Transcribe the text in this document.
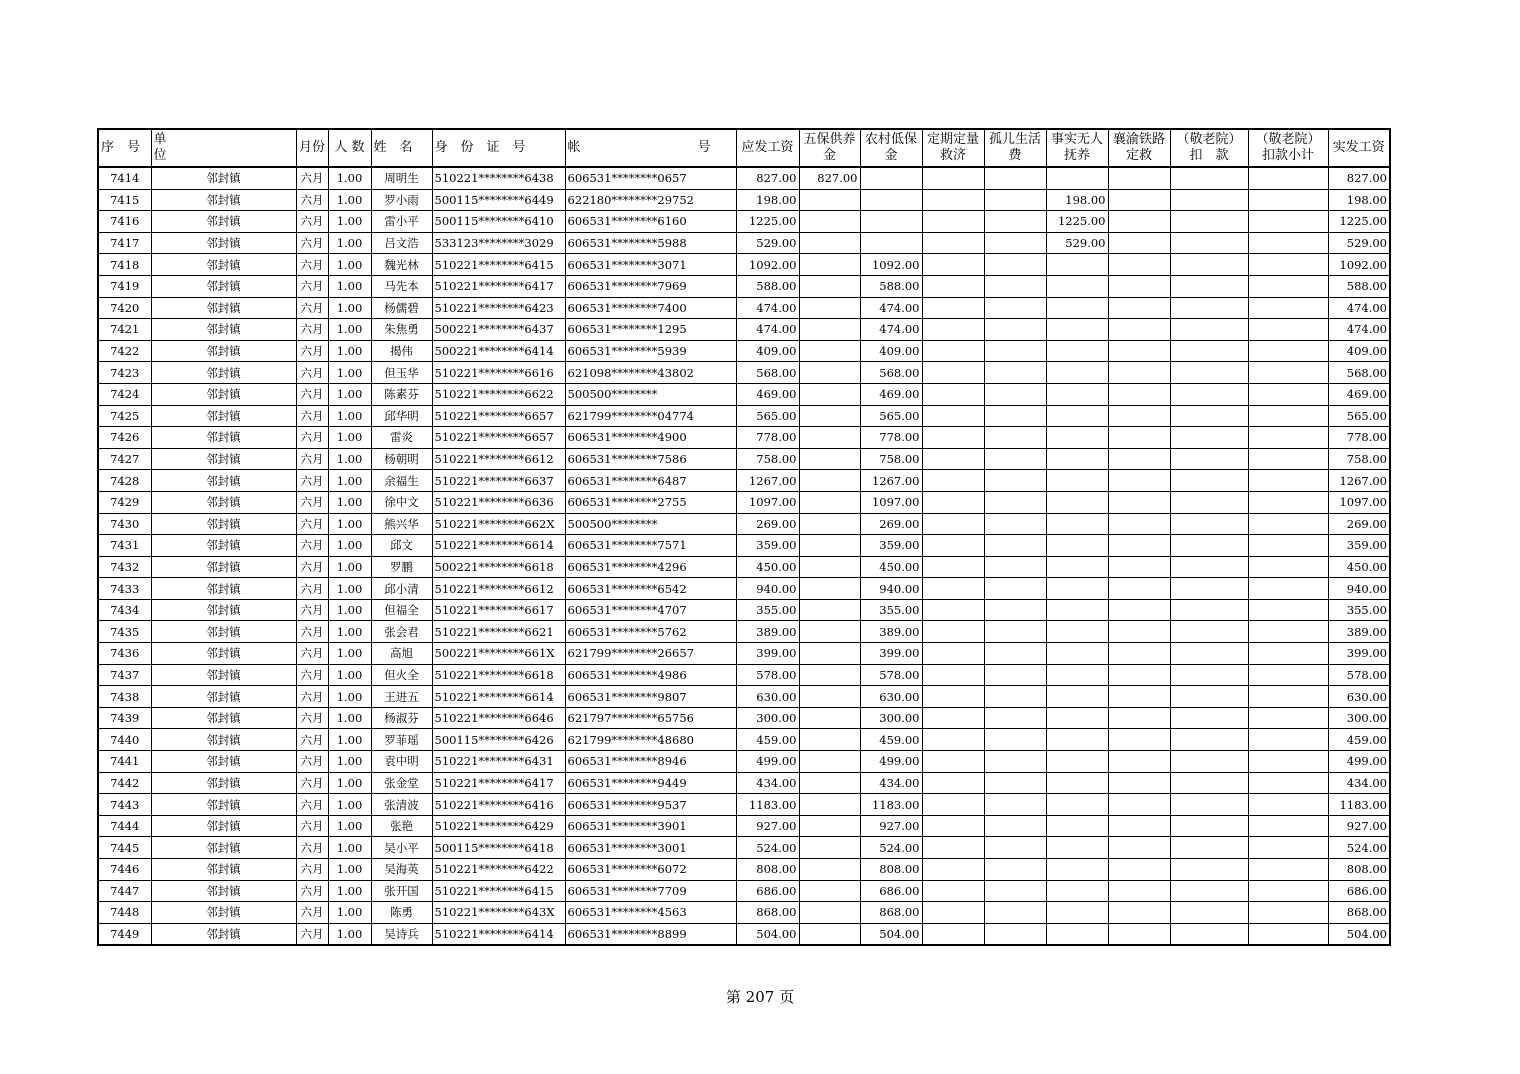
序　号	单　　　　　　　　　位	月份	人 数	姓　名	身　份　证　号	帐　　　　　　　　　号	应发工资	五保供养金	农村低保金	定期定量救济	孤儿生活费	事实无人抚养	襄渝铁路定救	（敬老院）扣　款	（敬老院）扣款小计	实发工资
7414	邻封镇	六月	1.00	周明生	510221********6438	606531********0657	827.00	827.00								827.00
7415	邻封镇	六月	1.00	罗小雨	500115********6449	622180********29752	198.00					198.00				198.00
7416	邻封镇	六月	1.00	雷小平	500115********6410	606531********6160	1225.00					1225.00				1225.00
7417	邻封镇	六月	1.00	吕文浩	533123********3029	606531********5988	529.00					529.00				529.00
7418	邻封镇	六月	1.00	魏光林	510221********6415	606531********3071	1092.00		1092.00							1092.00
7419	邻封镇	六月	1.00	马先本	510221********6417	606531********7969	588.00		588.00							588.00
7420	邻封镇	六月	1.00	杨儒碧	510221********6423	606531********7400	474.00		474.00							474.00
7421	邻封镇	六月	1.00	朱焦勇	500221********6437	606531********1295	474.00		474.00							474.00
7422	邻封镇	六月	1.00	揭伟	500221********6414	606531********5939	409.00		409.00							409.00
7423	邻封镇	六月	1.00	但玉华	510221********6616	621098********43802	568.00		568.00							568.00
7424	邻封镇	六月	1.00	陈素芬	510221********6622	500500********	469.00		469.00							469.00
7425	邻封镇	六月	1.00	邱华明	510221********6657	621799********04774	565.00		565.00							565.00
7426	邻封镇	六月	1.00	雷炎	510221********6657	606531********4900	778.00		778.00							778.00
7427	邻封镇	六月	1.00	杨朝明	510221********6612	606531********7586	758.00		758.00							758.00
7428	邻封镇	六月	1.00	余福生	510221********6637	606531********6487	1267.00		1267.00							1267.00
7429	邻封镇	六月	1.00	徐中文	510221********6636	606531********2755	1097.00		1097.00							1097.00
7430	邻封镇	六月	1.00	熊兴华	510221********662X	500500********	269.00		269.00							269.00
7431	邻封镇	六月	1.00	邱文	510221********6614	606531********7571	359.00		359.00							359.00
7432	邻封镇	六月	1.00	罗鹏	500221********6618	606531********4296	450.00		450.00							450.00
7433	邻封镇	六月	1.00	邱小清	510221********6612	606531********6542	940.00		940.00							940.00
7434	邻封镇	六月	1.00	但福全	510221********6617	606531********4707	355.00		355.00							355.00
7435	邻封镇	六月	1.00	张会君	510221********6621	606531********5762	389.00		389.00							389.00
7436	邻封镇	六月	1.00	高旭	500221********661X	621799********26657	399.00		399.00							399.00
7437	邻封镇	六月	1.00	但火全	510221********6618	606531********4986	578.00		578.00							578.00
7438	邻封镇	六月	1.00	王进五	510221********6614	606531********9807	630.00		630.00							630.00
7439	邻封镇	六月	1.00	杨淑芬	510221********6646	621797********65756	300.00		300.00							300.00
7440	邻封镇	六月	1.00	罗菲瑶	500115********6426	621799********48680	459.00		459.00							459.00
7441	邻封镇	六月	1.00	袁中明	510221********6431	606531********8946	499.00		499.00							499.00
7442	邻封镇	六月	1.00	张金堂	510221********6417	606531********9449	434.00		434.00							434.00
7443	邻封镇	六月	1.00	张清波	510221********6416	606531********9537	1183.00		1183.00							1183.00
7444	邻封镇	六月	1.00	张艳	510221********6429	606531********3901	927.00		927.00							927.00
7445	邻封镇	六月	1.00	吴小平	500115********6418	606531********3001	524.00		524.00							524.00
7446	邻封镇	六月	1.00	吴海英	510221********6422	606531********6072	808.00		808.00							808.00
7447	邻封镇	六月	1.00	张开国	510221********6415	606531********7709	686.00		686.00							686.00
7448	邻封镇	六月	1.00	陈勇	510221********643X	606531********4563	868.00		868.00							868.00
7449	邻封镇	六月	1.00	吴诗兵	510221********6414	606531********8899	504.00		504.00							504.00
第 207 页
